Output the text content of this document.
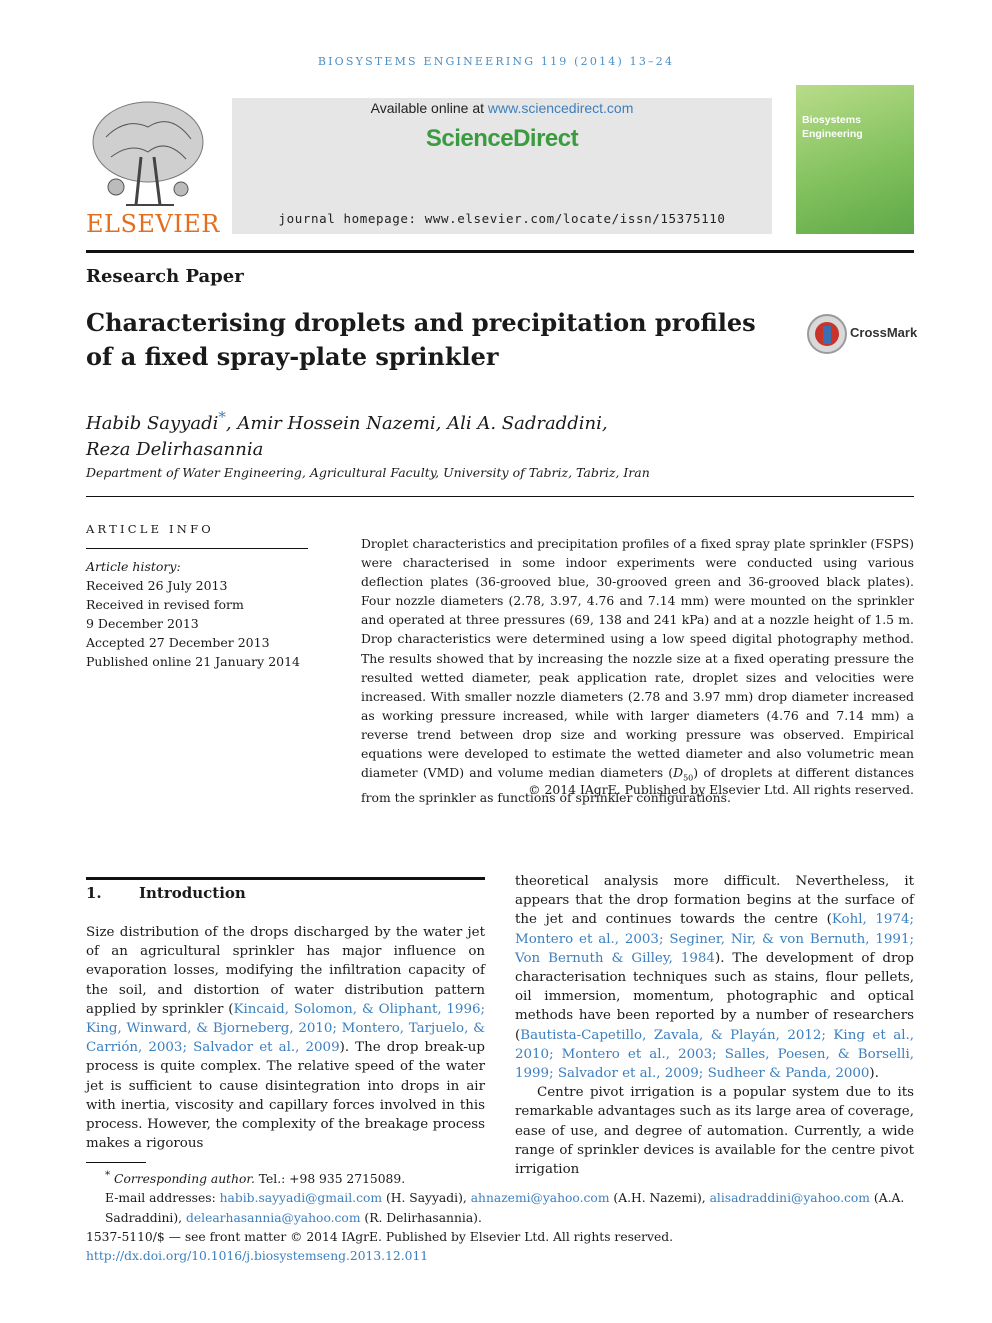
BIOSYSTEMS ENGINEERING 119 (2014) 13–24
ELSEVIER
Available online at www.sciencedirect.com
ScienceDirect
journal homepage: www.elsevier.com/locate/issn/15375110
Biosystems Engineering
Research Paper
Characterising droplets and precipitation profiles of a fixed spray-plate sprinkler
CrossMark
Habib Sayyadi*, Amir Hossein Nazemi, Ali A. Sadraddini,
Reza Delirhasannia
Department of Water Engineering, Agricultural Faculty, University of Tabriz, Tabriz, Iran
ARTICLE INFO
Article history:
Received 26 July 2013
Received in revised form
9 December 2013
Accepted 27 December 2013
Published online 21 January 2014
Droplet characteristics and precipitation profiles of a fixed spray plate sprinkler (FSPS) were characterised in some indoor experiments were conducted using various deflection plates (36-grooved blue, 30-grooved green and 36-grooved black plates). Four nozzle diameters (2.78, 3.97, 4.76 and 7.14 mm) were mounted on the sprinkler and operated at three pressures (69, 138 and 241 kPa) and at a nozzle height of 1.5 m. Drop characteristics were determined using a low speed digital photography method. The results showed that by increasing the nozzle size at a fixed operating pressure the resulted wetted diameter, peak application rate, droplet sizes and velocities were increased. With smaller nozzle diameters (2.78 and 3.97 mm) drop diameter increased as working pressure increased, while with larger diameters (4.76 and 7.14 mm) a reverse trend between drop size and working pressure was observed. Empirical equations were developed to estimate the wetted diameter and also volumetric mean diameter (VMD) and volume median diameters $(D_{50})$ of droplets at different distances from the sprinkler as functions of sprinkler configurations.
© 2014 IAgrE. Published by Elsevier Ltd. All rights reserved.
1. Introduction
Size distribution of the drops discharged by the water jet of an agricultural sprinkler has major influence on evaporation losses, modifying the infiltration capacity of the soil, and distortion of water distribution pattern applied by sprinkler (Kincaid, Solomon, & Oliphant, 1996; King, Winward, & Bjorneberg, 2010; Montero, Tarjuelo, & Carrión, 2003; Salvador et al., 2009). The drop break-up process is quite complex. The relative speed of the water jet is sufficient to cause disintegration into drops in air with inertia, viscosity and capillary forces involved in this process. However, the complexity of the breakage process makes a rigorous
theoretical analysis more difficult. Nevertheless, it appears that the drop formation begins at the surface of the jet and continues towards the centre (Kohl, 1974; Montero et al., 2003; Seginer, Nir, & von Bernuth, 1991; Von Bernuth & Gilley, 1984). The development of drop characterisation techniques such as stains, flour pellets, oil immersion, momentum, photographic and optical methods have been reported by a number of researchers (Bautista-Capetillo, Zavala, & Playán, 2012; King et al., 2010; Montero et al., 2003; Salles, Poesen, & Borselli, 1999; Salvador et al., 2009; Sudheer & Panda, 2000).
Centre pivot irrigation is a popular system due to its remarkable advantages such as its large area of coverage, ease of use, and degree of automation. Currently, a wide range of sprinkler devices is available for the centre pivot irrigation
* Corresponding author. Tel.: +98 935 2715089.
E-mail addresses: habib.sayyadi@gmail.com (H. Sayyadi), ahnazemi@yahoo.com (A.H. Nazemi), alisadraddini@yahoo.com (A.A. Sadraddini), delearhasannia@yahoo.com (R. Delirhasannia).
1537-5110/$ — see front matter © 2014 IAgrE. Published by Elsevier Ltd. All rights reserved.
http://dx.doi.org/10.1016/j.biosystemseng.2013.12.011
